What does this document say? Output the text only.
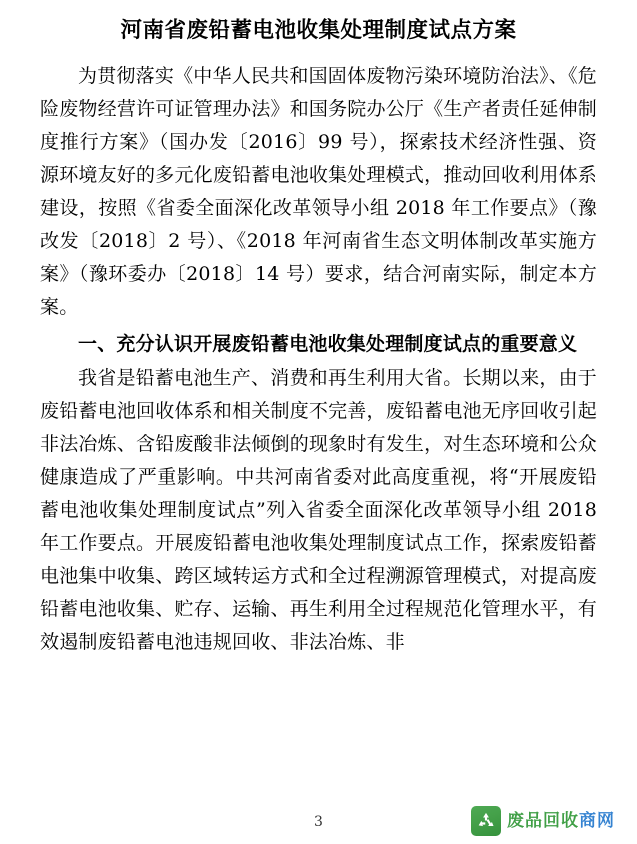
河南省废铅蓄电池收集处理制度试点方案

为贯彻落实《中华人民共和国固体废物污染环境防治法》、《危险废物经营许可证管理办法》和国务院办公厅《生产者责任延伸制度推行方案》（国办发〔2016〕99 号），探索技术经济性强、资源环境友好的多元化废铅蓄电池收集处理模式，推动回收利用体系建设，按照《省委全面深化改革领导小组 2018 年工作要点》（豫改发〔2018〕2 号）、《2018 年河南省生态文明体制改革实施方案》（豫环委办〔2018〕14 号）要求，结合河南实际，制定本方案。

一、充分认识开展废铅蓄电池收集处理制度试点的重要意义

我省是铅蓄电池生产、消费和再生利用大省。长期以来，由于废铅蓄电池回收体系和相关制度不完善，废铅蓄电池无序回收引起非法冶炼、含铅废酸非法倾倒的现象时有发生，对生态环境和公众健康造成了严重影响。中共河南省委对此高度重视，将“开展废铅蓄电池收集处理制度试点”列入省委全面深化改革领导小组 2018 年工作要点。开展废铅蓄电池收集处理制度试点工作，探索废铅蓄电池集中收集、跨区域转运方式和全过程溯源管理模式，对提高废铅蓄电池收集、贮存、运输、再生利用全过程规范化管理水平，有效遏制废铅蓄电池违规回收、非法冶炼、非

3	废品回收商网
